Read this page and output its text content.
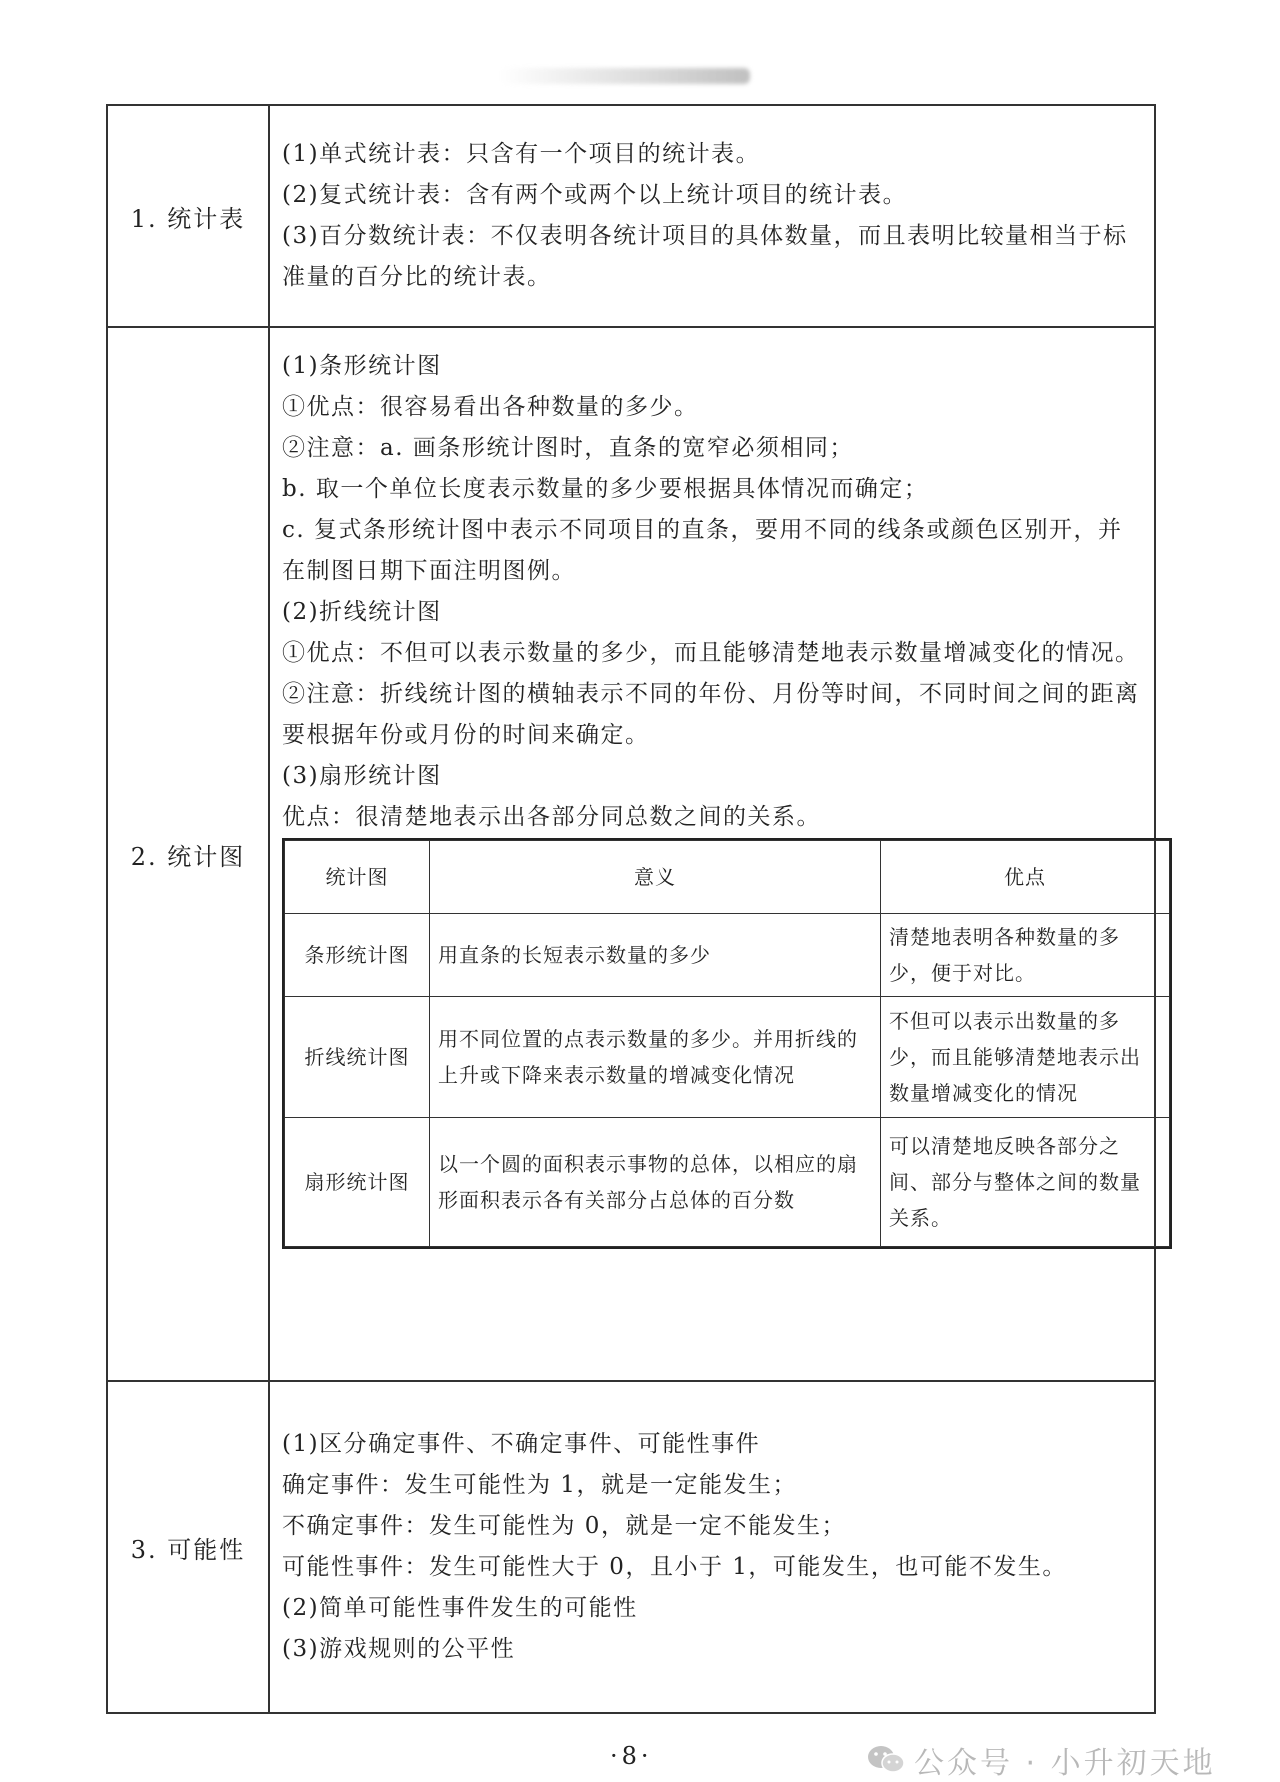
1. 统计表	
(1)单式统计表：只含有一个项目的统计表。
(2)复式统计表：含有两个或两个以上统计项目的统计表。
(3)百分数统计表：不仅表明各统计项目的具体数量，而且表明比较量相当于标准量的百分比的统计表。

2. 统计图	
(1)条形统计图
①优点：很容易看出各种数量的多少。
②注意：a. 画条形统计图时，直条的宽窄必须相同；
b. 取一个单位长度表示数量的多少要根据具体情况而确定；
c. 复式条形统计图中表示不同项目的直条，要用不同的线条或颜色区别开，并在制图日期下面注明图例。
(2)折线统计图
①优点：不但可以表示数量的多少，而且能够清楚地表示数量增减变化的情况。
②注意：折线统计图的横轴表示不同的年份、月份等时间，不同时间之间的距离要根据年份或月份的时间来确定。
(3)扇形统计图
优点：很清楚地表示出各部分同总数之间的关系。
统计图	意义	优点
条形统计图	用直条的长短表示数量的多少	清楚地表明各种数量的多少，便于对比。
折线统计图	用不同位置的点表示数量的多少。并用折线的上升或下降来表示数量的增减变化情况	不但可以表示出数量的多少，而且能够清楚地表示出数量增减变化的情况
扇形统计图	以一个圆的面积表示事物的总体，以相应的扇形面积表示各有关部分占总体的百分数	可以清楚地反映各部分之间、部分与整体之间的数量关系。

3. 可能性	
(1)区分确定事件、不确定事件、可能性事件
确定事件：发生可能性为 1，就是一定能发生；
不确定事件：发生可能性为 0，就是一定不能发生；
可能性事件：发生可能性大于 0，且小于 1，可能发生，也可能不发生。
(2)简单可能性事件发生的可能性
(3)游戏规则的公平性
·8·	公众号 · 小升初天地
